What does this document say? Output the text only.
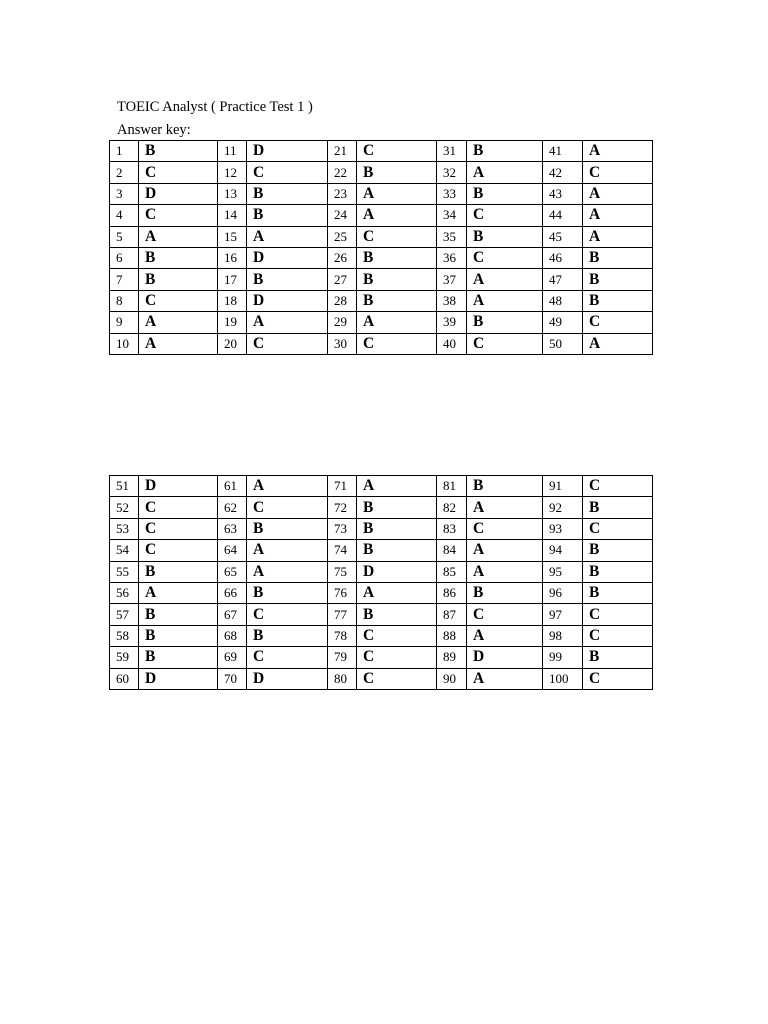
TOEIC Analyst ( Practice Test 1 )
Answer key:
1	B	11	D	21	C	31	B	41	A
2	C	12	C	22	B	32	A	42	C
3	D	13	B	23	A	33	B	43	A
4	C	14	B	24	A	34	C	44	A
5	A	15	A	25	C	35	B	45	A
6	B	16	D	26	B	36	C	46	B
7	B	17	B	27	B	37	A	47	B
8	C	18	D	28	B	38	A	48	B
9	A	19	A	29	A	39	B	49	C
10	A	20	C	30	C	40	C	50	A
51	D	61	A	71	A	81	B	91	C
52	C	62	C	72	B	82	A	92	B
53	C	63	B	73	B	83	C	93	C
54	C	64	A	74	B	84	A	94	B
55	B	65	A	75	D	85	A	95	B
56	A	66	B	76	A	86	B	96	B
57	B	67	C	77	B	87	C	97	C
58	B	68	B	78	C	88	A	98	C
59	B	69	C	79	C	89	D	99	B
60	D	70	D	80	C	90	A	100	C
